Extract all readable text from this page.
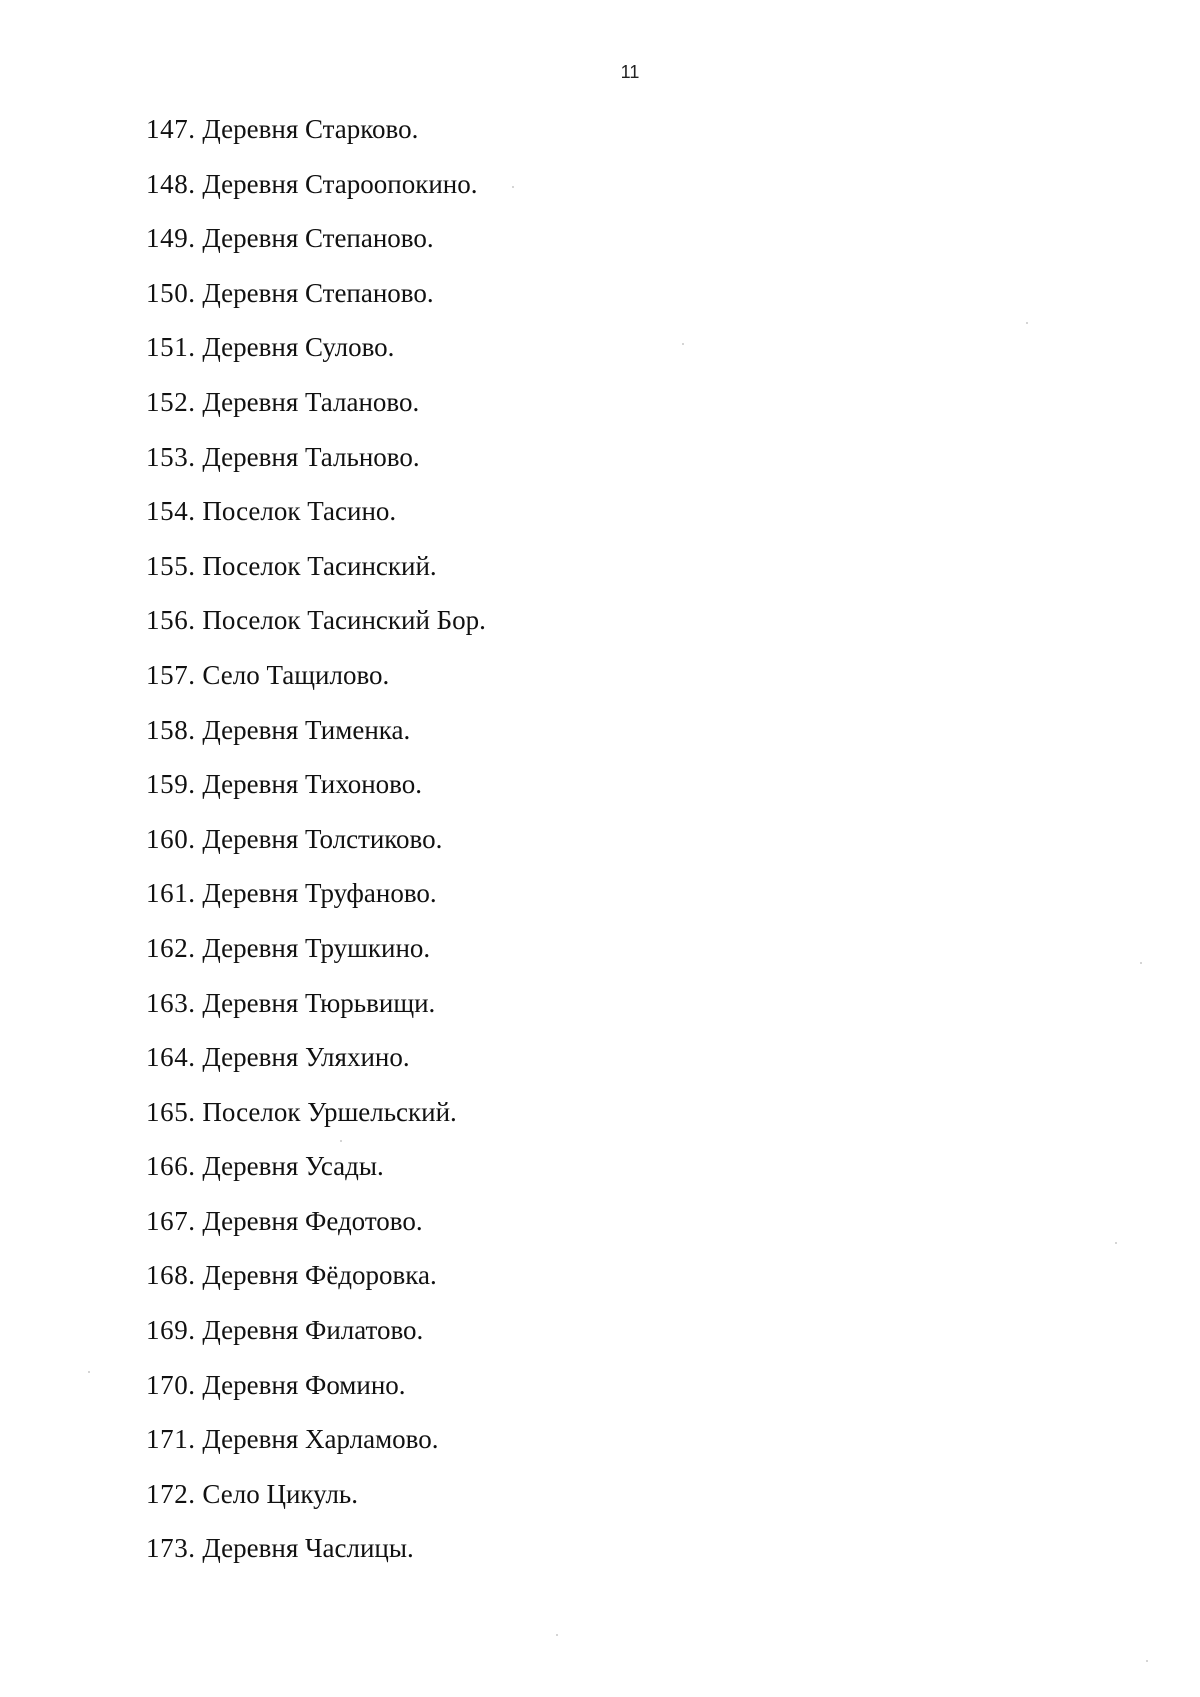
11
147. Деревня Старково.
148. Деревня Староопокино.
149. Деревня Степаново.
150. Деревня Степаново.
151. Деревня Сулово.
152. Деревня Таланово.
153. Деревня Тальново.
154. Поселок Тасино.
155. Поселок Тасинский.
156. Поселок Тасинский Бор.
157. Село Тащилово.
158. Деревня Тименка.
159. Деревня Тихоново.
160. Деревня Толстиково.
161. Деревня Труфаново.
162. Деревня Трушкино.
163. Деревня Тюрьвищи.
164. Деревня Уляхино.
165. Поселок Уршельский.
166. Деревня Усады.
167. Деревня Федотово.
168. Деревня Фёдоровка.
169. Деревня Филатово.
170. Деревня Фомино.
171. Деревня Харламово.
172. Село Цикуль.
173. Деревня Часлицы.
